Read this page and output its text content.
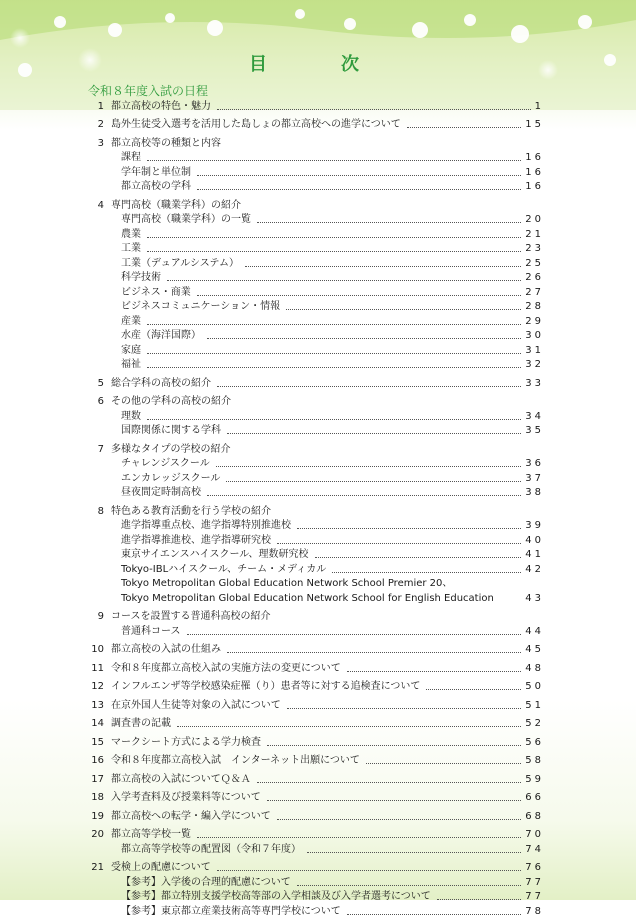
目　次
令和８年度入試の日程
1 都立高校の特色・魅力	1
2 島外生徒受入選考を活用した島しょの都立高校への進学について	15
3 都立高校等の種類と内容
課程	16
学年制と単位制	16
都立高校の学科	16
4 専門高校（職業学科）の紹介
専門高校（職業学科）の一覧	20
農業	21
工業	23
工業（デュアルシステム）	25
科学技術	26
ビジネス・商業	27
ビジネスコミュニケーション・情報	28
産業	29
水産（海洋国際）	30
家庭	31
福祉	32
5 総合学科の高校の紹介	33
6 その他の学科の高校の紹介
理数	34
国際関係に関する学科	35
7 多様なタイプの学校の紹介
チャレンジスクール	36
エンカレッジスクール	37
昼夜間定時制高校	38
8 特色ある教育活動を行う学校の紹介
進学指導重点校、進学指導特別推進校	39
進学指導推進校、進学指導研究校	40
東京サイエンスハイスクール、理数研究校	41
Tokyo-IBLハイスクール、チーム・メディカル	42
Tokyo Metropolitan Global Education Network School Premier 20、
Tokyo Metropolitan Global Education Network School for English Education	43
9 コースを設置する普通科高校の紹介
普通科コース	44
10 都立高校の入試の仕組み	45
11 令和８年度都立高校入試の実施方法の変更について	48
12 インフルエンザ等学校感染症罹（り）患者等に対する追検査について	50
13 在京外国人生徒等対象の入試について	51
14 調査書の記載	52
15 マークシート方式による学力検査	56
16 令和８年度都立高校入試　インターネット出願について	58
17 都立高校の入試についてＱ＆Ａ	59
18 入学考査料及び授業料等について	66
19 都立高校への転学・編入学について	68
20 都立高等学校一覧	70
都立高等学校等の配置図（令和７年度）	74
21 受検上の配慮について	76
【参考】入学後の合理的配慮について	77
【参考】都立特別支援学校高等部の入学相談及び入学者選考について	77
【参考】東京都立産業技術高等専門学校について	78
